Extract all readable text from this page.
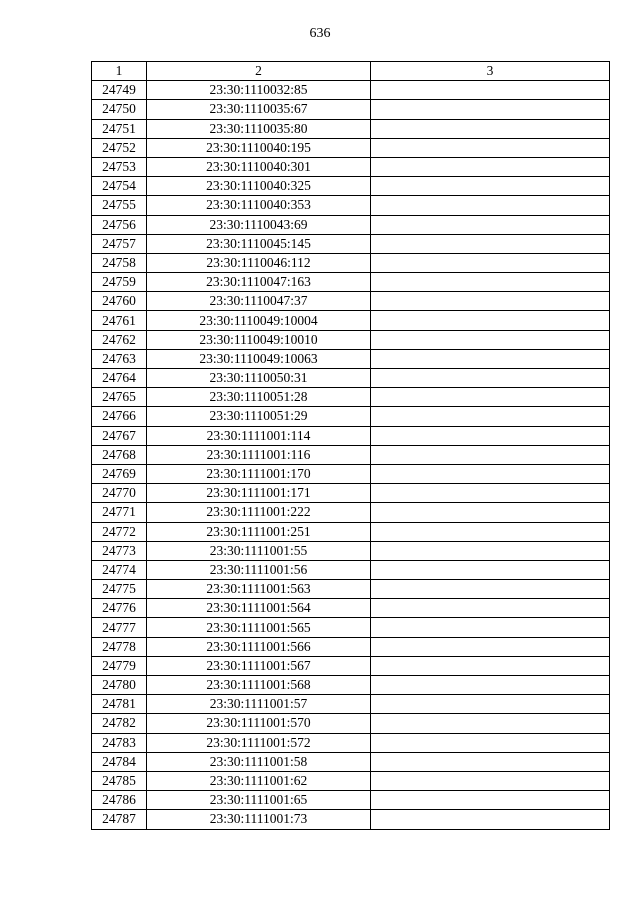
636
1	2	3
24749	23:30:1110032:85	
24750	23:30:1110035:67	
24751	23:30:1110035:80	
24752	23:30:1110040:195	
24753	23:30:1110040:301	
24754	23:30:1110040:325	
24755	23:30:1110040:353	
24756	23:30:1110043:69	
24757	23:30:1110045:145	
24758	23:30:1110046:112	
24759	23:30:1110047:163	
24760	23:30:1110047:37	
24761	23:30:1110049:10004	
24762	23:30:1110049:10010	
24763	23:30:1110049:10063	
24764	23:30:1110050:31	
24765	23:30:1110051:28	
24766	23:30:1110051:29	
24767	23:30:1111001:114	
24768	23:30:1111001:116	
24769	23:30:1111001:170	
24770	23:30:1111001:171	
24771	23:30:1111001:222	
24772	23:30:1111001:251	
24773	23:30:1111001:55	
24774	23:30:1111001:56	
24775	23:30:1111001:563	
24776	23:30:1111001:564	
24777	23:30:1111001:565	
24778	23:30:1111001:566	
24779	23:30:1111001:567	
24780	23:30:1111001:568	
24781	23:30:1111001:57	
24782	23:30:1111001:570	
24783	23:30:1111001:572	
24784	23:30:1111001:58	
24785	23:30:1111001:62	
24786	23:30:1111001:65	
24787	23:30:1111001:73	
